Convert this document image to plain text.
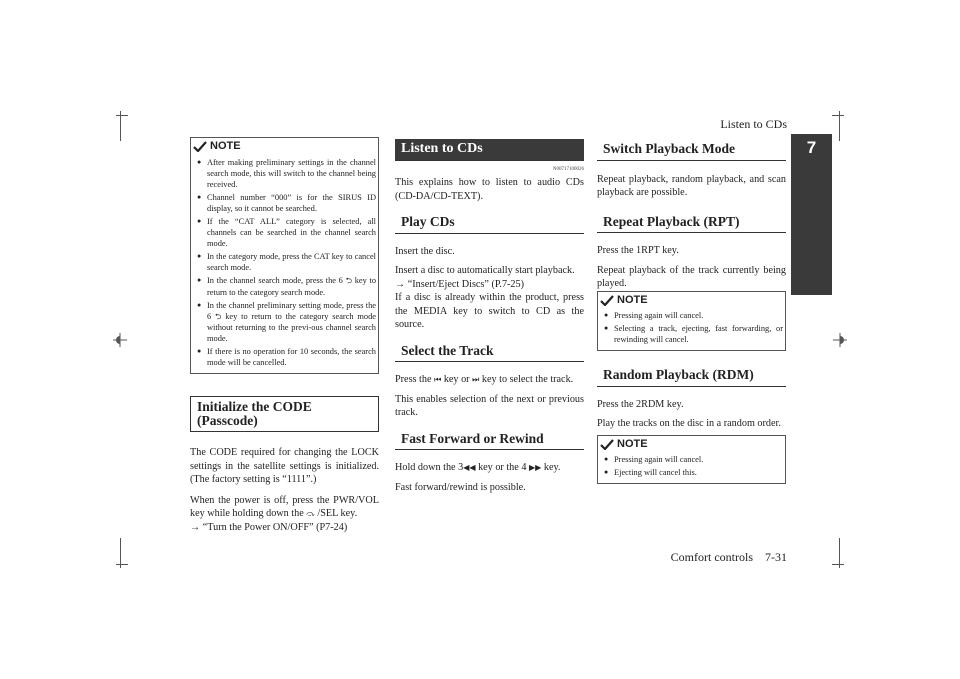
Listen to CDs
Comfort controls    7-31
7
NOTE
● After making preliminary settings in the channel search mode, this will switch to the channel being received.
● Channel number “000” is for the SIRUS ID display, so it cannot be searched.
● If the “CAT ALL” category is selected, all channels can be searched in the channel search mode.
● In the category mode, press the CAT key to cancel search mode.
● In the channel search mode, press the 6 ⮌ key to return to the category search mode.
● In the channel preliminary setting mode, press the 6 ⮌ key to return to the category search mode without returning to the previ-ous channel search mode.
● If there is no operation for 10 seconds, the search mode will be cancelled.
Initialize the CODE (Passcode)

The CODE required for changing the LOCK settings in the satellite settings is initialized. (The factory setting is “1111”.)

When the power is off, press the PWR/VOL key while holding down the ⤼ /SEL key.

→ “Turn the Power ON/OFF” (P7-24)

Listen to CDs
N00717100026

This explains how to listen to audio CDs (CD-DA/CD-TEXT).

Play CDs

Insert the disc.

Insert a disc to automatically start playback.

→ “Insert/Eject Discs” (P.7-25)

If a disc is already within the product, press the MEDIA key to switch to CD as the source.

Select the Track

Press the ⏮ key or ⏭ key to select the track.

This enables selection of the next or previous track.

Fast Forward or Rewind

Hold down the 3◀◀ key or the 4 ▶▶ key.

Fast forward/rewind is possible.

Switch Playback Mode

Repeat playback, random playback, and scan playback are possible.

Repeat Playback (RPT)

Press the 1RPT key.

Repeat playback of the track currently being played.

NOTE
● Pressing again will cancel.
● Selecting a track, ejecting, fast forwarding, or rewinding will cancel.
Random Playback (RDM)

Press the 2RDM key.

Play the tracks on the disc in a random order.

NOTE
● Pressing again will cancel.
● Ejecting will cancel this.
